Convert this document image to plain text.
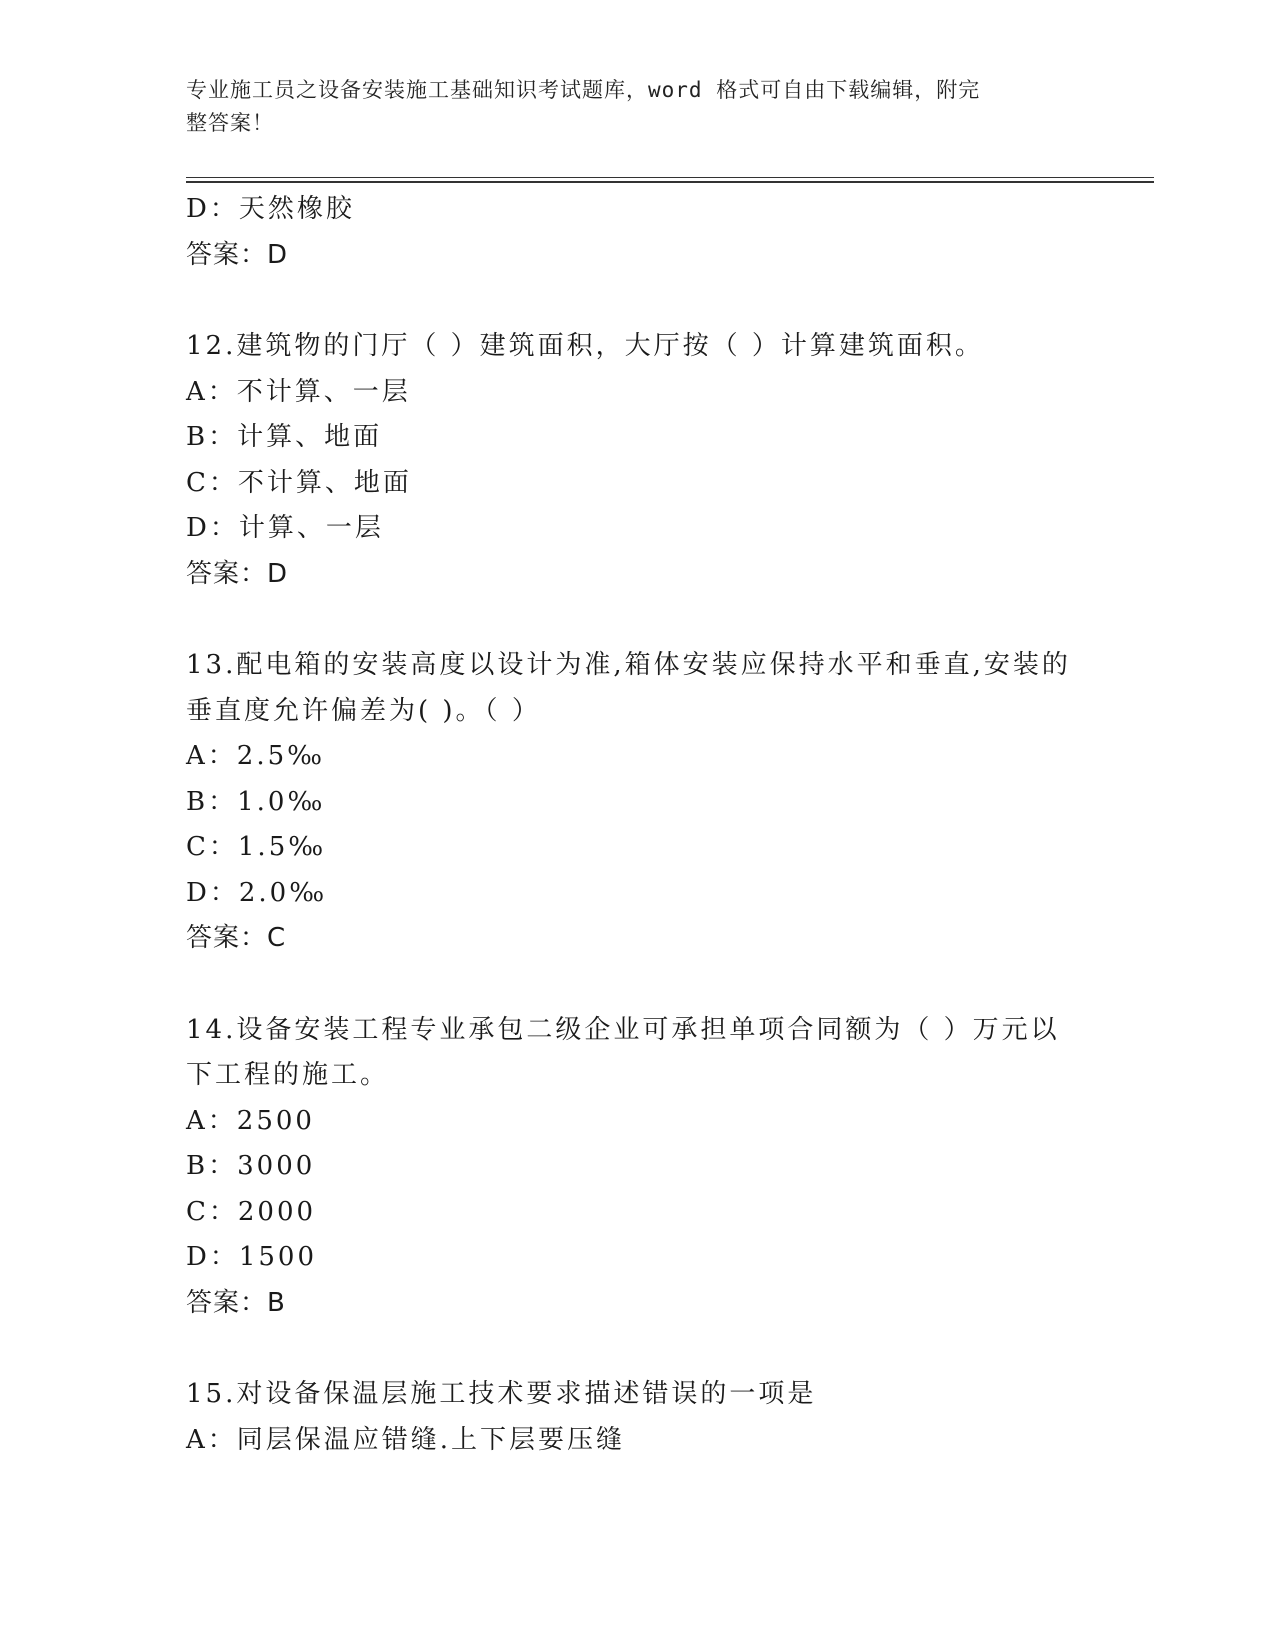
专业施工员之设备安装施工基础知识考试题库，word 格式可自由下载编辑，附完
整答案！
D：天然橡胶
答案：D
12.建筑物的门厅（ ）建筑面积，大厅按（ ）计算建筑面积。
A：不计算、一层
B：计算、地面
C：不计算、地面
D：计算、一层
答案：D
13.配电箱的安装高度以设计为准,箱体安装应保持水平和垂直,安装的
垂直度允许偏差为( )。（ ）
A：2.5‰
B：1.0‰
C：1.5‰
D：2.0‰
答案：C
14.设备安装工程专业承包二级企业可承担单项合同额为（ ）万元以
下工程的施工。
A：2500
B：3000
C：2000
D：1500
答案：B
15.对设备保温层施工技术要求描述错误的一项是
A：同层保温应错缝.上下层要压缝
